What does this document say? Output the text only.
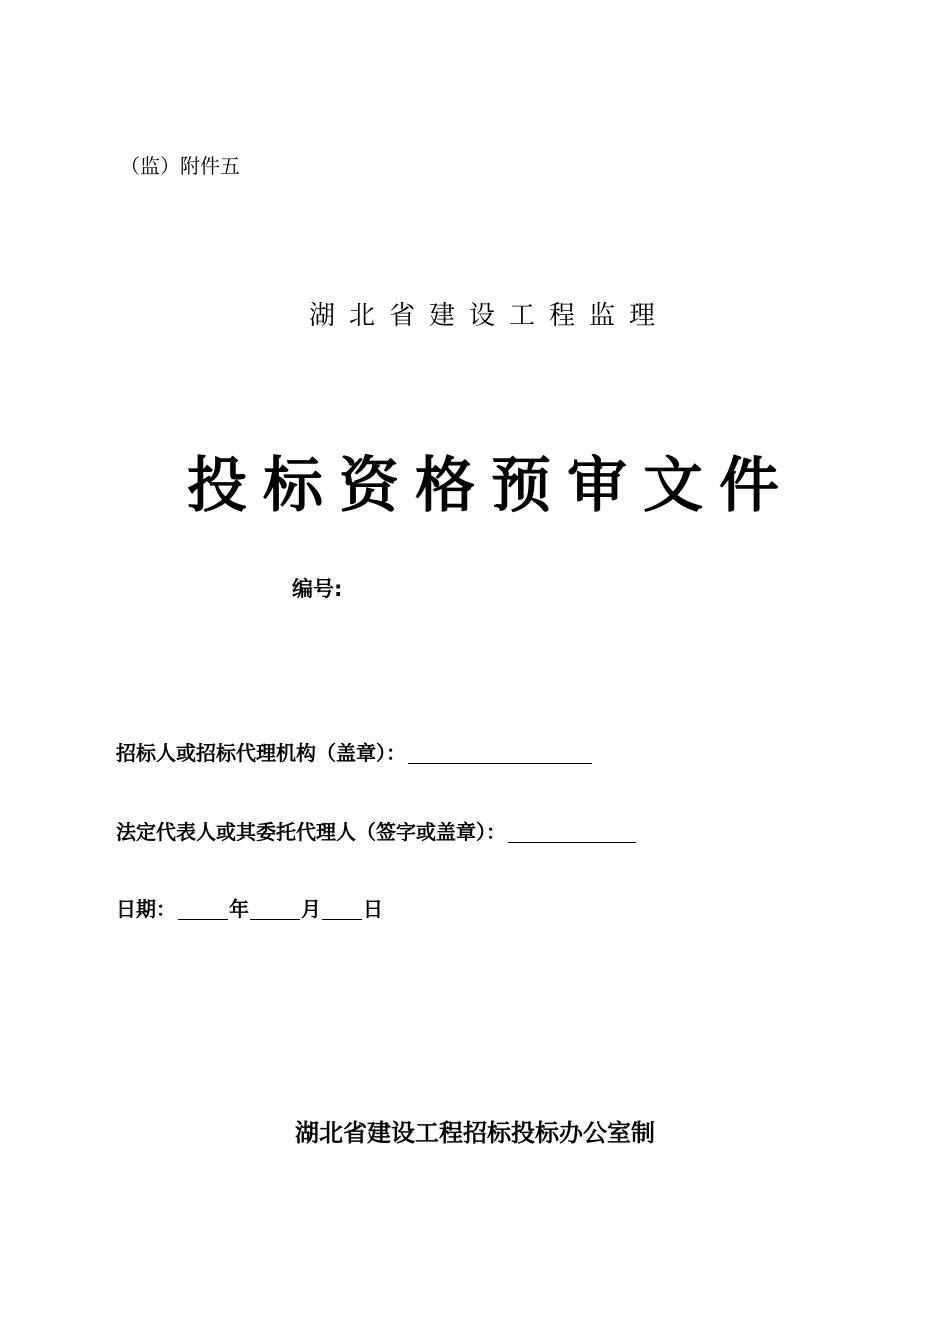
（监）附件五
湖北省建设工程监理
投标资格预审文件
编号:
招标人或招标代理机构（盖章）：
法定代表人或其委托代理人（签字或盖章）：
日期：	年	月 日
湖北省建设工程招标投标办公室制
